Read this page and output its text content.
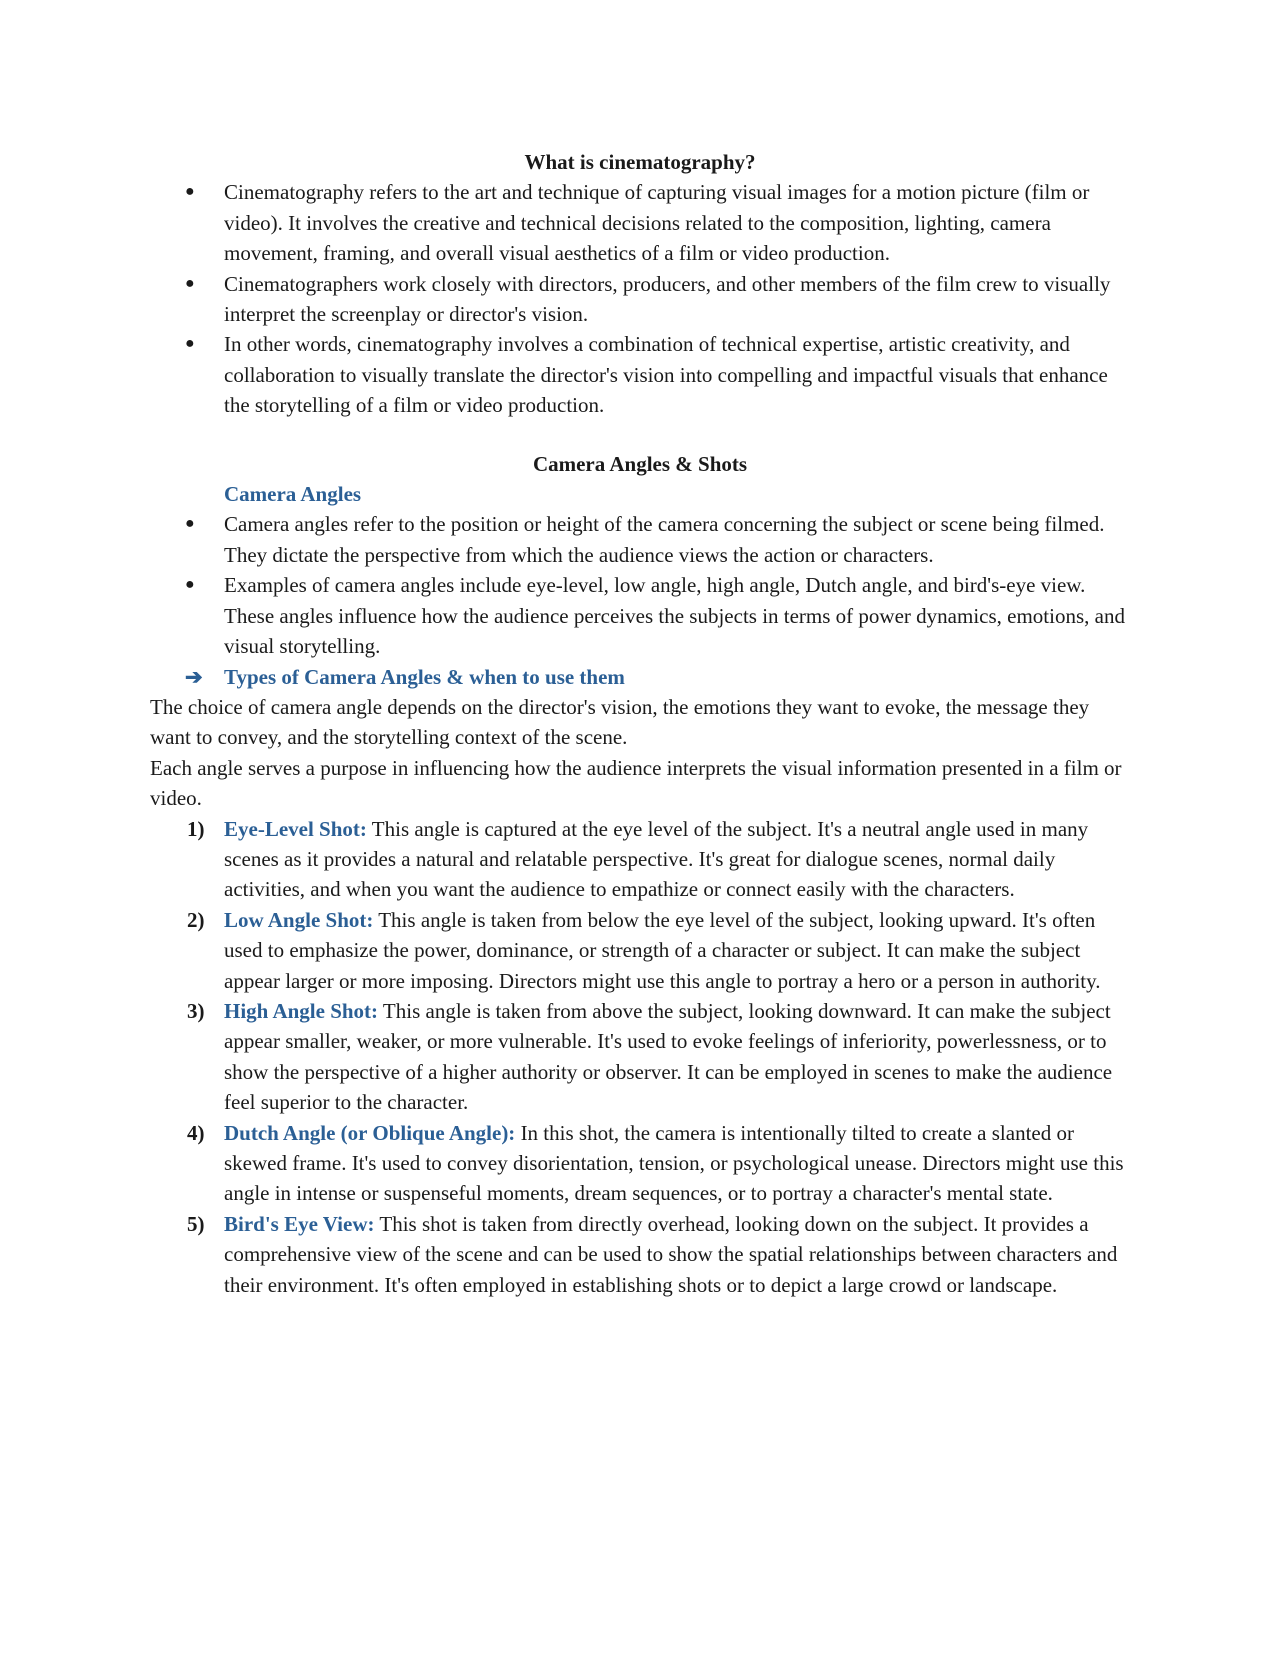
What is cinematography?

● Cinematography refers to the art and technique of capturing visual images for a motion picture (film or video). It involves the creative and technical decisions related to the composition, lighting, camera movement, framing, and overall visual aesthetics of a film or video production.
● Cinematographers work closely with directors, producers, and other members of the film crew to visually interpret the screenplay or director's vision.
● In other words, cinematography involves a combination of technical expertise, artistic creativity, and collaboration to visually translate the director's vision into compelling and impactful visuals that enhance the storytelling of a film or video production.

Camera Angles & Shots

Camera Angles

● Camera angles refer to the position or height of the camera concerning the subject or scene being filmed. They dictate the perspective from which the audience views the action or characters.
● Examples of camera angles include eye-level, low angle, high angle, Dutch angle, and bird's-eye view. These angles influence how the audience perceives the subjects in terms of power dynamics, emotions, and visual storytelling.

➔ Types of Camera Angles & when to use them

The choice of camera angle depends on the director's vision, the emotions they want to evoke, the message they want to convey, and the storytelling context of the scene.

Each angle serves a purpose in influencing how the audience interprets the visual information presented in a film or video.

1) Eye-Level Shot: This angle is captured at the eye level of the subject. It's a neutral angle used in many scenes as it provides a natural and relatable perspective. It's great for dialogue scenes, normal daily activities, and when you want the audience to empathize or connect easily with the characters.
2) Low Angle Shot: This angle is taken from below the eye level of the subject, looking upward. It's often used to emphasize the power, dominance, or strength of a character or subject. It can make the subject appear larger or more imposing. Directors might use this angle to portray a hero or a person in authority.
3) High Angle Shot: This angle is taken from above the subject, looking downward. It can make the subject appear smaller, weaker, or more vulnerable. It's used to evoke feelings of inferiority, powerlessness, or to show the perspective of a higher authority or observer. It can be employed in scenes to make the audience feel superior to the character.
4) Dutch Angle (or Oblique Angle): In this shot, the camera is intentionally tilted to create a slanted or skewed frame. It's used to convey disorientation, tension, or psychological unease. Directors might use this angle in intense or suspenseful moments, dream sequences, or to portray a character's mental state.
5) Bird's Eye View: This shot is taken from directly overhead, looking down on the subject. It provides a comprehensive view of the scene and can be used to show the spatial relationships between characters and their environment. It's often employed in establishing shots or to depict a large crowd or landscape.
